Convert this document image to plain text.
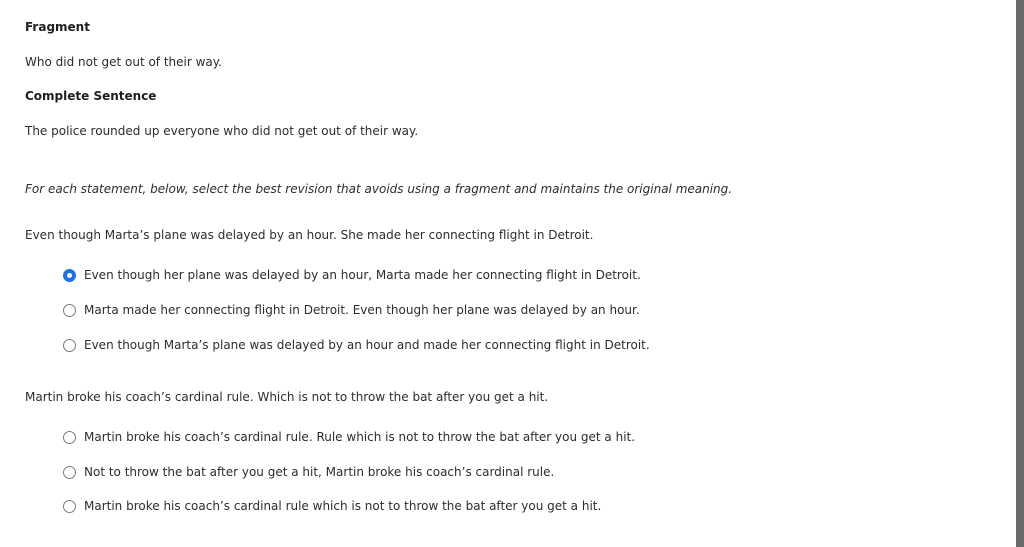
Fragment
Who did not get out of their way.
Complete Sentence
The police rounded up everyone who did not get out of their way.
For each statement, below, select the best revision that avoids using a fragment and maintains the original meaning.
Even though Marta’s plane was delayed by an hour. She made her connecting flight in Detroit.
Even though her plane was delayed by an hour, Marta made her connecting flight in Detroit.
Marta made her connecting flight in Detroit. Even though her plane was delayed by an hour.
Even though Marta’s plane was delayed by an hour and made her connecting flight in Detroit.
Martin broke his coach’s cardinal rule. Which is not to throw the bat after you get a hit.
Martin broke his coach’s cardinal rule. Rule which is not to throw the bat after you get a hit.
Not to throw the bat after you get a hit, Martin broke his coach’s cardinal rule.
Martin broke his coach’s cardinal rule which is not to throw the bat after you get a hit.
